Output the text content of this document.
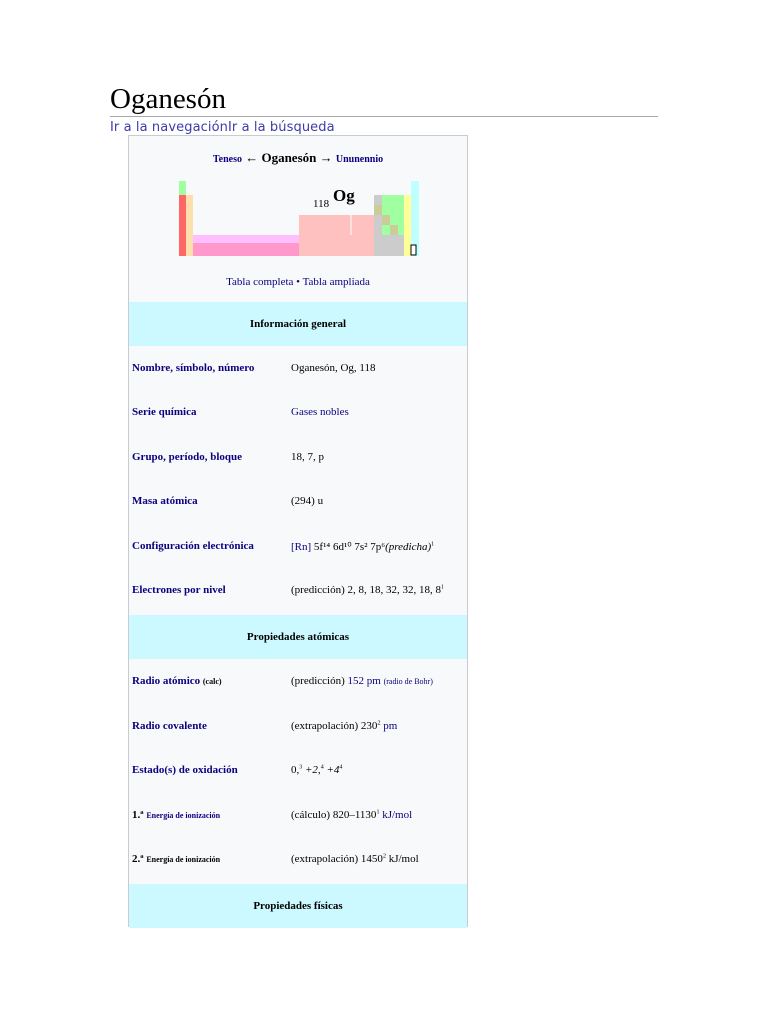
Oganesón
Ir a la navegaciónIr a la búsqueda
Teneso ← Oganesón → Ununennio
118 Og
Tabla completa • Tabla ampliada
Información general
Nombre, símbolo, número	Oganesón, Og, 118
Serie química	Gases nobles
Grupo, período, bloque	18, 7, p
Masa atómica	(294) u
Configuración electrónica	[Rn] 5f¹⁴ 6d¹⁰ 7s² 7p⁶(predicha)$^1$
Electrones por nivel	(predicción) 2, 8, 18, 32, 32, 18, $8^1$
Propiedades atómicas
Radio atómico (calc)	(predicción) 152 pm (radio de Bohr)
Radio covalente	(extrapolación) $230^2$ pm
Estado(s) de oxidación	$0,^3 +2,^4 +4^4$
1.ª Energía de ionización	(cálculo) 820–1130$^1$ kJ/mol
2.ª Energía de ionización	(extrapolación) 1450$^2$ kJ/mol
Propiedades físicas
